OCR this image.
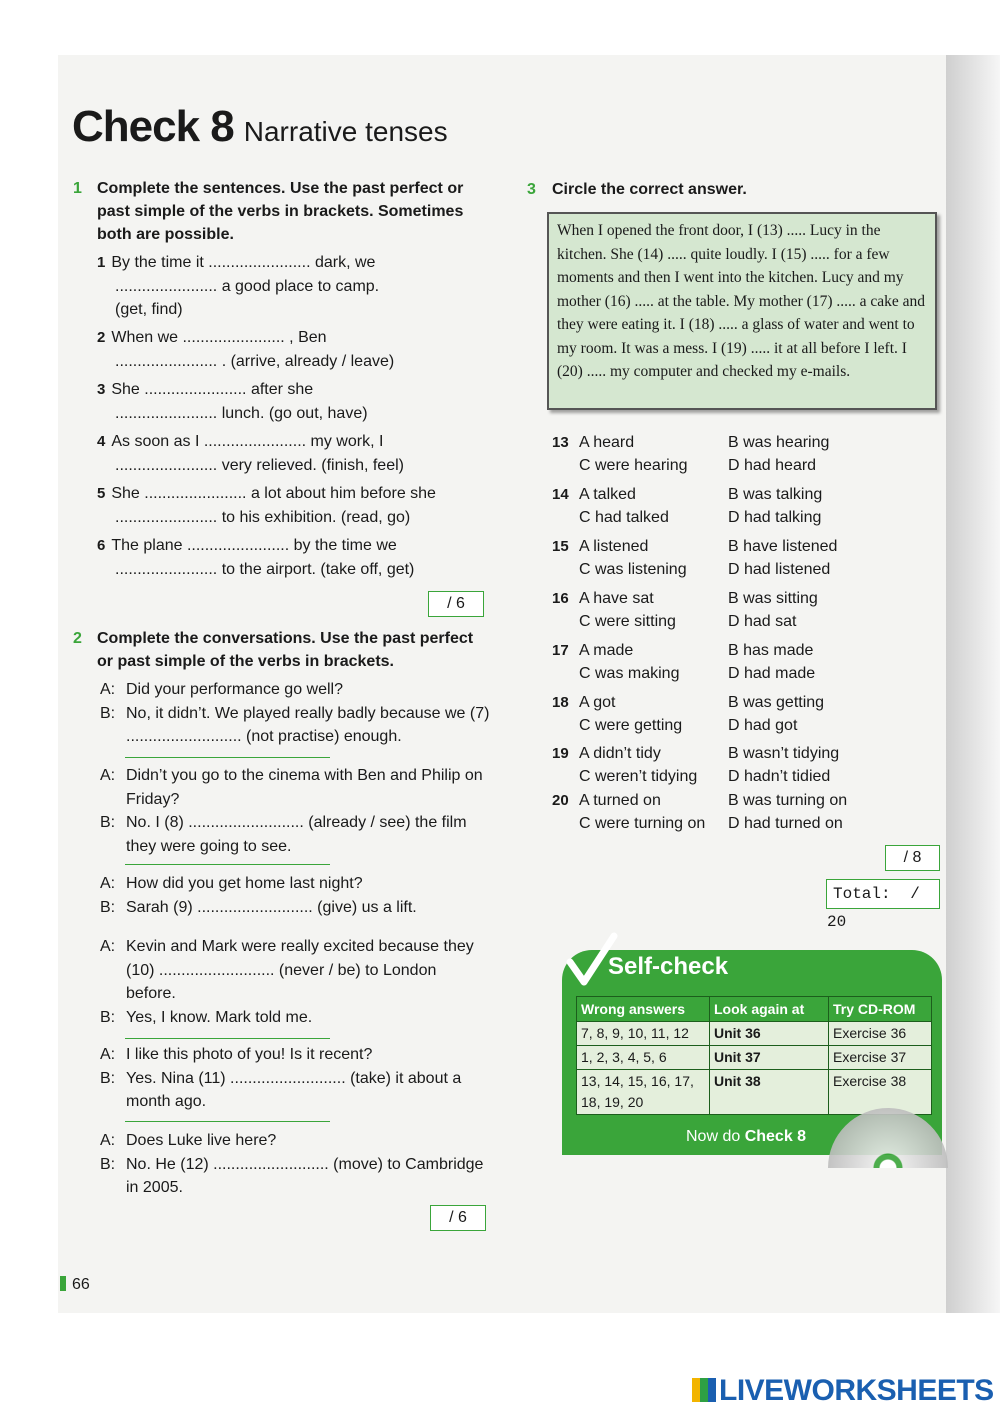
Check 8 Narrative tenses
1 Complete the sentences. Use the past perfect or past simple of the verbs in brackets. Sometimes both are possible.
1 By the time it ....................... dark, we
....................... a good place to camp.
(get, find)
2 When we ....................... , Ben
....................... . (arrive, already / leave)
3 She ....................... after she
....................... lunch. (go out, have)
4 As soon as I ....................... my work, I
....................... very relieved. (finish, feel)
5 She ....................... a lot about him before she
....................... to his exhibition. (read, go)
6 The plane ....................... by the time we
....................... to the airport. (take off, get)
/ 6
2 Complete the conversations. Use the past perfect or past simple of the verbs in brackets.
A: Did your performance go well?
B: No, it didn’t. We played really badly because we (7) .......................... (not practise) enough.
A: Didn’t you go to the cinema with Ben and Philip on Friday?
B: No. I (8) .......................... (already / see) the film they were going to see.
A: How did you get home last night?
B: Sarah (9) .......................... (give) us a lift.
A: Kevin and Mark were really excited because they (10) .......................... (never / be) to London before.
B: Yes, I know. Mark told me.
A: I like this photo of you! Is it recent?
B: Yes. Nina (11) .......................... (take) it about a month ago.
A: Does Luke live here?
B: No. He (12) .......................... (move) to Cambridge in 2005.
/ 6
3 Circle the correct answer.
When I opened the front door, I (13) ..... Lucy in the kitchen. She (14) ..... quite loudly. I (15) ..... for a few moments and then I went into the kitchen. Lucy and my mother (16) ..... at the table. My mother (17) ..... a cake and they were eating it. I (18) ..... a glass of water and went to my room. It was a mess. I (19) ..... it at all before I left. I (20) ..... my computer and checked my e-mails.
13 A heard	B was hearing
C were hearing	D had heard
14 A talked	B was talking
C had talked	D had talking
15 A listened	B have listened
C was listening	D had listened
16 A have sat	B was sitting
C were sitting	D had sat
17 A made	B has made
C was making	D had made
18 A got	B was getting
C were getting	D had got
19 A didn’t tidy	B wasn’t tidying
C weren’t tidying D hadn’t tidied
20 A turned on	B was turning on
C were turning on D had turned on
/ 8
Total: / 20
Self-check
Wrong answers	Look again at	Try CD-ROM
7, 8, 9, 10, 11, 12	Unit 36	Exercise 36
1, 2, 3, 4, 5, 6	Unit 37	Exercise 37
13, 14, 15, 16, 17, 18, 19, 20	Unit 38	Exercise 38
Now do Check 8
66
LIVEWORKSHEETS
